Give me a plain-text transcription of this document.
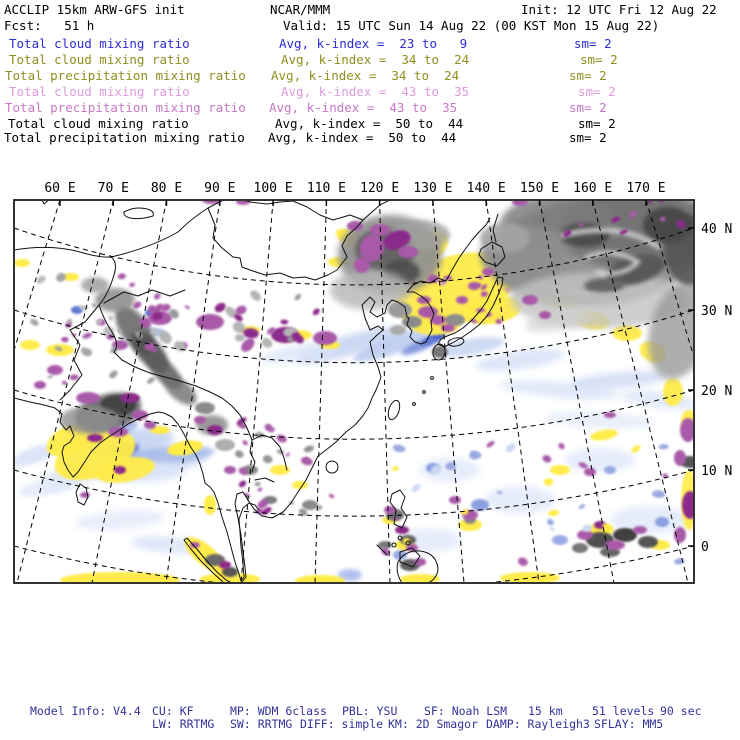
ACCLIP 15km ARW-GFS init	NCAR/MMM	Init: 12 UTC Fri 12 Aug 22
Fcst:   51 h	Valid: 15 UTC Sun 14 Aug 22 (00 KST Mon 15 Aug 22)
Total cloud mixing ratio	Avg, k-index =  23 to   9	sm= 2
Total cloud mixing ratio	Avg, k-index =  34 to  24	sm= 2
Total precipitation mixing ratio Avg, k-index =  34 to  24	sm= 2
Total cloud mixing ratio	Avg, k-index =  43 to  35	sm= 2
Total precipitation mixing ratio Avg, k-index =  43 to  35	sm= 2
Total cloud mixing ratio	Avg, k-index =  50 to  44	sm= 2
Total precipitation mixing ratio Avg, k-index =  50 to  44	sm= 2
60 E 70 E 80 E 90 E 100 E 110 E 120 E 130 E 140 E 150 E 160 E 170 E
40 N
30 N
20 N
10 N
0
Model Info: V4.4 CU: KF	MP: WDM 6class PBL: YSU SF: Noah LSM 15 km	51 levels 90 sec
LW: RRTMG SW: RRTMG DIFF: simple KM: 2D Smagor DAMP: Rayleigh3 SFLAY: MM5
